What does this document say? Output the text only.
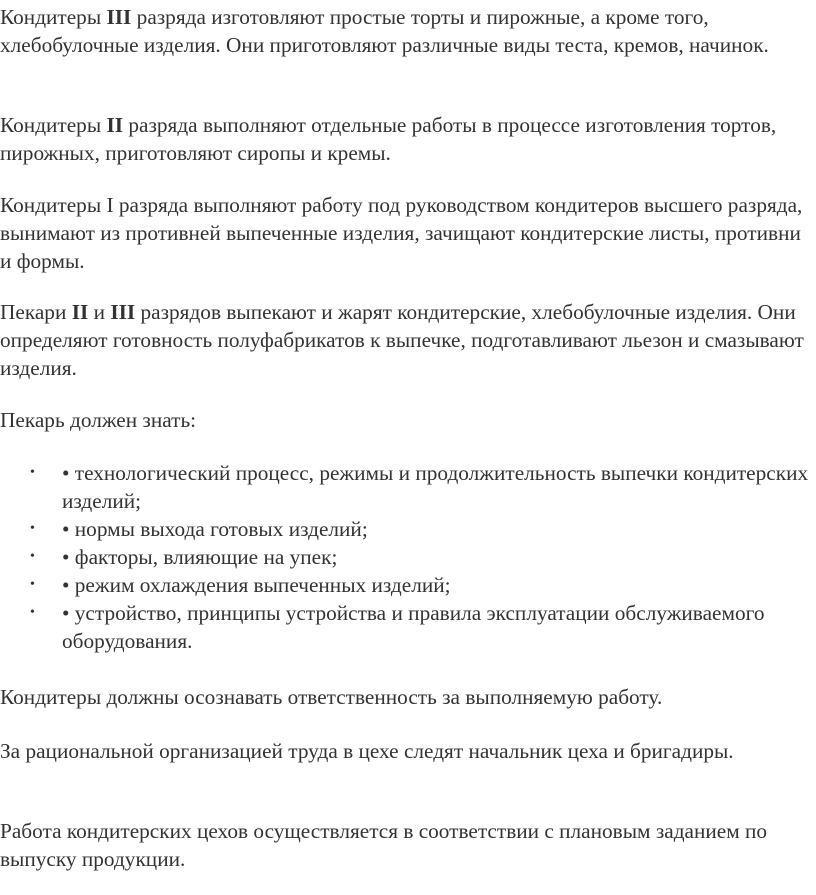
Кондитеры III разряда изготовляют простые торты и пирожные, а кроме того, хлебобулочные изделия. Они приготовляют различные виды теста, кремов, начинок.

Кондитеры II разряда выполняют отдельные работы в процессе изготовления тортов, пирожных, приготовляют сиропы и кремы.

Кондитеры I разряда выполняют работу под руководством кондитеров высшего разряда, вынимают из противней выпеченные изделия, зачищают кондитерские листы, противни и формы.

Пекари II и III разрядов выпекают и жарят кондитерские, хлебобулочные изделия. Они определяют готовность полуфабрикатов к выпечке, подготавливают льезон и смазывают изделия.

Пекарь должен знать:

• • технологический процесс, режимы и продолжительность выпечки кондитерских изделий;
• • нормы выхода готовых изделий;
• • факторы, влияющие на упек;
• • режим охлаждения выпеченных изделий;
• • устройство, принципы устройства и правила эксплуатации обслуживаемого оборудования.

Кондитеры должны осознавать ответственность за выполняемую работу.

За рациональной организацией труда в цехе следят начальник цеха и бригадиры.

Работа кондитерских цехов осуществляется в соответствии с плановым заданием по выпуску продукции.
